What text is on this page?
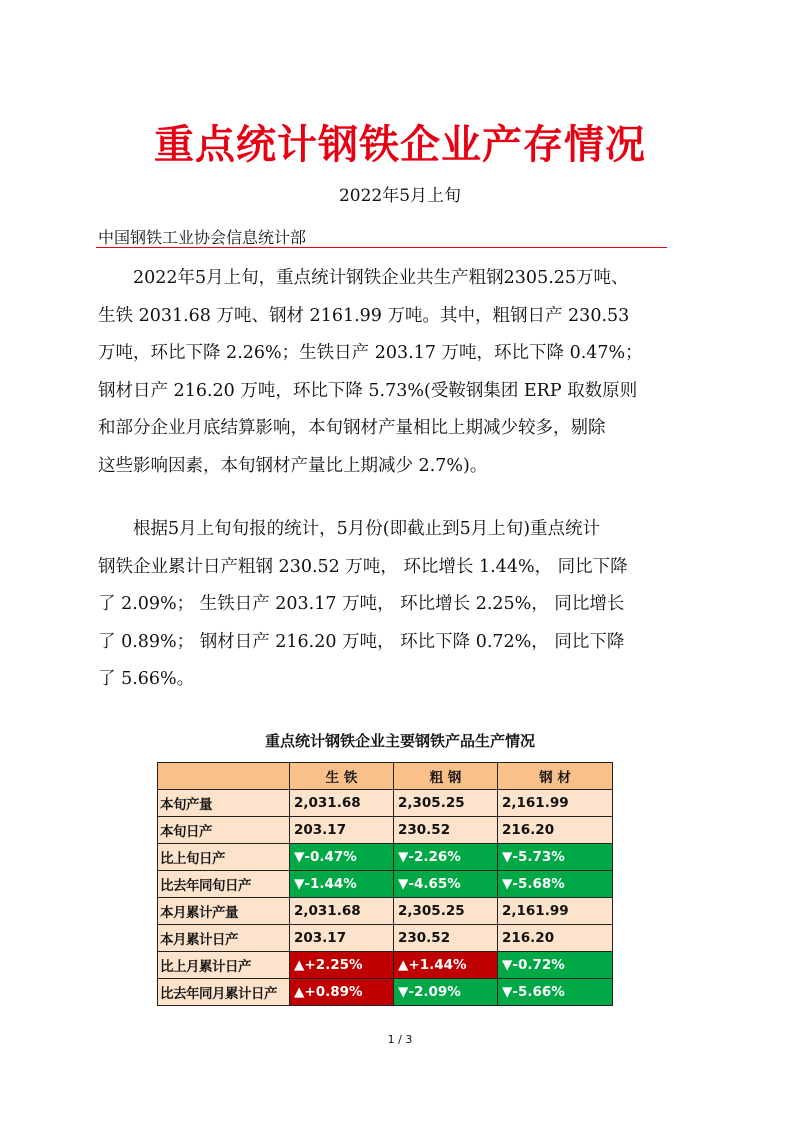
重点统计钢铁企业产存情况
2022年5月上旬
中国钢铁工业协会信息统计部

2022年5月上旬，重点统计钢铁企业共生产粗钢2305.25万吨、
生铁 2031.68 万吨、钢材 2161.99 万吨。其中，粗钢日产 230.53
万吨，环比下降 2.26%；生铁日产 203.17 万吨，环比下降 0.47%；
钢材日产 216.20 万吨，环比下降 5.73%(受鞍钢集团 ERP 取数原则
和部分企业月底结算影响，本旬钢材产量相比上期减少较多，剔除
这些影响因素，本旬钢材产量比上期减少 2.7%)。

根据5月上旬旬报的统计，5月份(即截止到5月上旬)重点统计
钢铁企业累计日产粗钢 230.52 万吨， 环比增长 1.44%， 同比下降
了 2.09%； 生铁日产 203.17 万吨， 环比增长 2.25%， 同比增长
了 0.89%； 钢材日产 216.20 万吨， 环比下降 0.72%， 同比下降
了 5.66%。

重点统计钢铁企业主要钢铁产品生产情况
	生 铁	粗 钢	钢 材
本旬产量	2,031.68	2,305.25	2,161.99
本旬日产	203.17	230.52	216.20
比上旬日产	▼-0.47%	▼-2.26%	▼-5.73%
比去年同旬日产	▼-1.44%	▼-4.65%	▼-5.68%
本月累计产量	2,031.68	2,305.25	2,161.99
本月累计日产	203.17	230.52	216.20
比上月累计日产	▲+2.25%	▲+1.44%	▼-0.72%
比去年同月累计日产	▲+0.89%	▼-2.09%	▼-5.66%
1 / 3
